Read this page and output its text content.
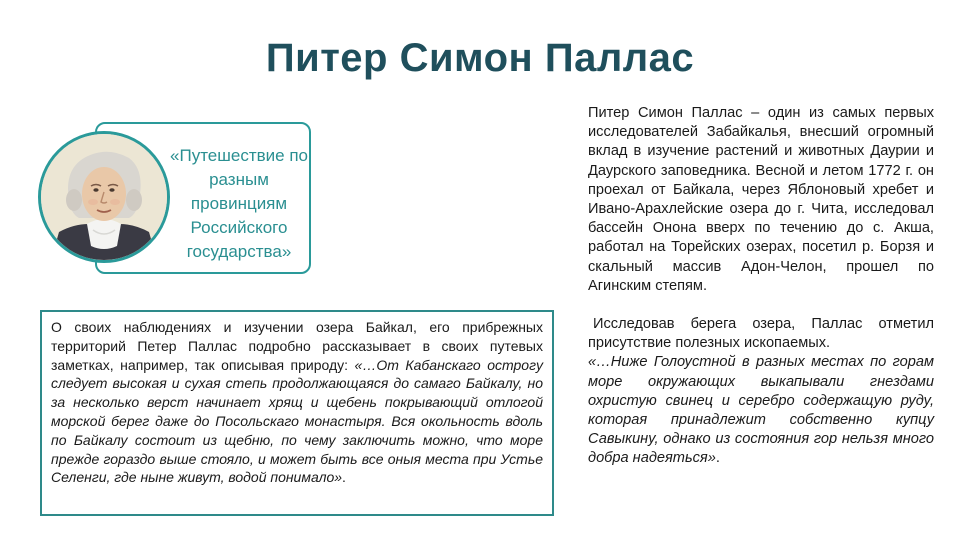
Питер Симон Паллас
«Путешествие по разным провинциям Российского государства»

О своих наблюдениях и изучении озера Байкал, его прибрежных территорий Петер Паллас подробно рассказывает в своих путевых заметках, например, так описывая природу: «…От Кабанскаго острогу следует высокая и сухая степь продолжающаяся до самаго Байкалу, но за несколько верст начинает хрящ и щебень покрывающий отлогой морской берег даже до Посольскаго монастыря. Вся окольность вдоль по Байкалу состоит из щебню, по чему заключить можно, что море прежде гораздо выше стояло, и может быть все оныя места при Устье Селенги, где ныне живут, водой понимало».

Питер Симон Паллас – один из самых первых исследователей Забайкалья, внесший огромный вклад в изучение растений и животных Даурии и Даурского заповедника. Весной и летом 1772 г. он проехал от Байкала, через Яблоновый хребет и Ивано-Арахлейские озера до г. Чита, исследовал бассейн Онона вверх по течению до с. Акша, работал на Торейских озерах, посетил р. Борзя и скальный массив Адон-Челон, прошел по Агинским степям.

Исследовав берега озера, Паллас отметил присутствие полезных ископаемых.

«…Ниже Голоустной в разных местах по горам море окружающих выкапывали гнездами охристую свинец и серебро содержащую руду, которая принадлежит собственно купцу Савыкину, однако из состояния гор нельзя много добра надеяться».
